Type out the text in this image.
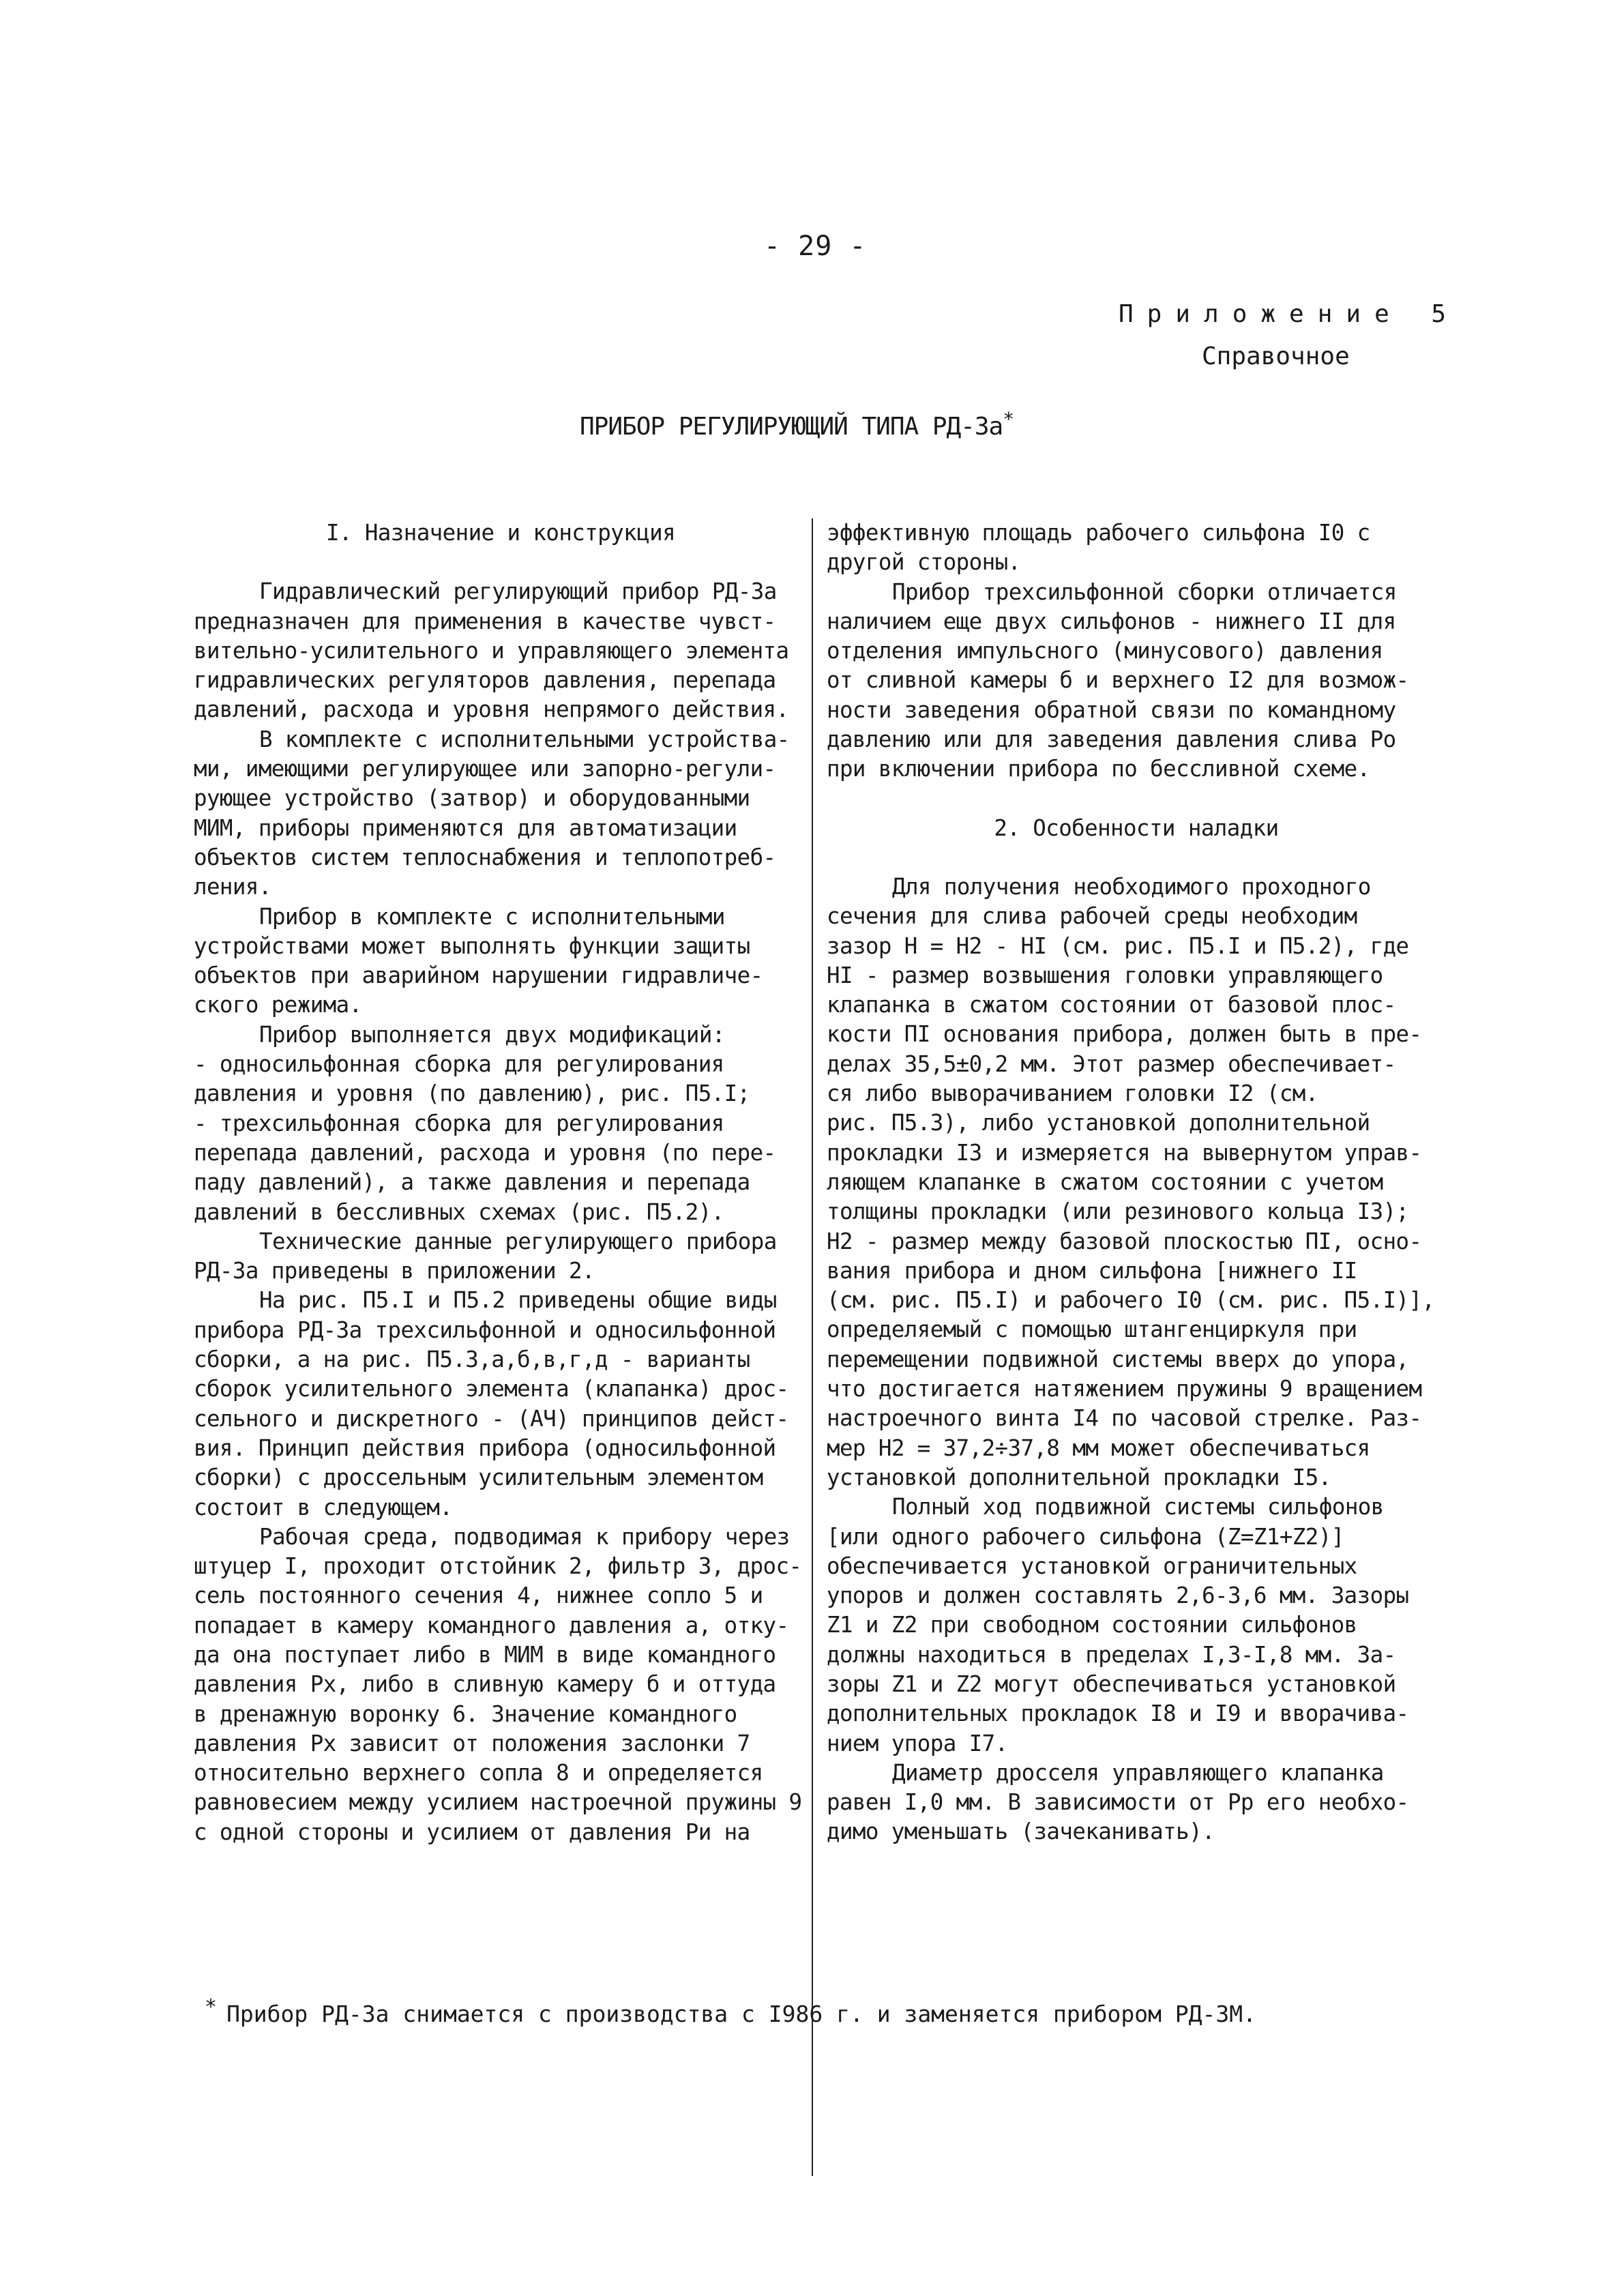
- 29 -
Приложение 5
Справочное
ПРИБОР РЕГУЛИРУЮЩИЙ ТИПА РД-3а*

I. Назначение и конструкция

Гидравлический регулирующий прибор РД-3а
предназначен для применения в качестве чувст-
вительно-усилительного и управляющего элемента
гидравлических регуляторов давления, перепада
давлений, расхода и уровня непрямого действия.

В комплекте с исполнительными устройства-
ми, имеющими регулирующее или запорно-регули-
рующее устройство (затвор) и оборудованными
МИМ, приборы применяются для автоматизации
объектов систем теплоснабжения и теплопотреб-
ления.

Прибор в комплекте с исполнительными
устройствами может выполнять функции защиты
объектов при аварийном нарушении гидравличе-
ского режима.

Прибор выполняется двух модификаций:
- односильфонная сборка для регулирования
давления и уровня (по давлению), рис. П5.I;
- трехсильфонная сборка для регулирования
перепада давлений, расхода и уровня (по пере-
паду давлений), а также давления и перепада
давлений в бессливных схемах (рис. П5.2).

Технические данные регулирующего прибора
РД-3а приведены в приложении 2.

На рис. П5.I и П5.2 приведены общие виды
прибора РД-3а трехсильфонной и односильфонной
сборки, а на рис. П5.3,а,б,в,г,д - варианты
сборок усилительного элемента (клапанка) дрос-
сельного и дискретного - (АЧ) принципов дейст-
вия. Принцип действия прибора (односильфонной
сборки) с дроссельным усилительным элементом
состоит в следующем.

Рабочая среда, подводимая к прибору через
штуцер I, проходит отстойник 2, фильтр 3, дрос-
сель постоянного сечения 4, нижнее сопло 5 и
попадает в камеру командного давления а, отку-
да она поступает либо в МИМ в виде командного
давления Pх, либо в сливную камеру б и оттуда
в дренажную воронку 6. Значение командного
давления Pх зависит от положения заслонки 7
относительно верхнего сопла 8 и определяется
равновесием между усилием настроечной пружины 9
с одной стороны и усилием от давления Pи на

эффективную площадь рабочего сильфона I0 с
другой стороны.

Прибор трехсильфонной сборки отличается
наличием еще двух сильфонов - нижнего II для
отделения импульсного (минусового) давления
от сливной камеры б и верхнего I2 для возмож-
ности заведения обратной связи по командному
давлению или для заведения давления слива Pо
при включении прибора по бессливной схеме.

2. Особенности наладки

Для получения необходимого проходного
сечения для слива рабочей среды необходим
зазор H = H2 - HI (см. рис. П5.I и П5.2), где
HI - размер возвышения головки управляющего
клапанка в сжатом состоянии от базовой плос-
кости ПI основания прибора, должен быть в пре-
делах 35,5±0,2 мм. Этот размер обеспечивает-
ся либо выворачиванием головки I2 (см.
рис. П5.3), либо установкой дополнительной
прокладки I3 и измеряется на вывернутом управ-
ляющем клапанке в сжатом состоянии с учетом
толщины прокладки (или резинового кольца I3);
H2 - размер между базовой плоскостью ПI, осно-
вания прибора и дном сильфона [нижнего II
(см. рис. П5.I) и рабочего I0 (см. рис. П5.I)],
определяемый с помощью штангенциркуля при
перемещении подвижной системы вверх до упора,
что достигается натяжением пружины 9 вращением
настроечного винта I4 по часовой стрелке. Раз-
мер H2 = 37,2÷37,8 мм может обеспечиваться
установкой дополнительной прокладки I5.

Полный ход подвижной системы сильфонов
[или одного рабочего сильфона (Z=Z1+Z2)]
обеспечивается установкой ограничительных
упоров и должен составлять 2,6-3,6 мм. Зазоры
Z1 и Z2 при свободном состоянии сильфонов
должны находиться в пределах I,3-I,8 мм. За-
зоры Z1 и Z2 могут обеспечиваться установкой
дополнительных прокладок I8 и I9 и вворачива-
нием упора I7.

Диаметр дросселя управляющего клапанка
равен I,0 мм. В зависимости от Pр его необхо-
димо уменьшать (зачеканивать).

* Прибор РД-3а снимается с производства с I986 г. и заменяется прибором РД-3М.
